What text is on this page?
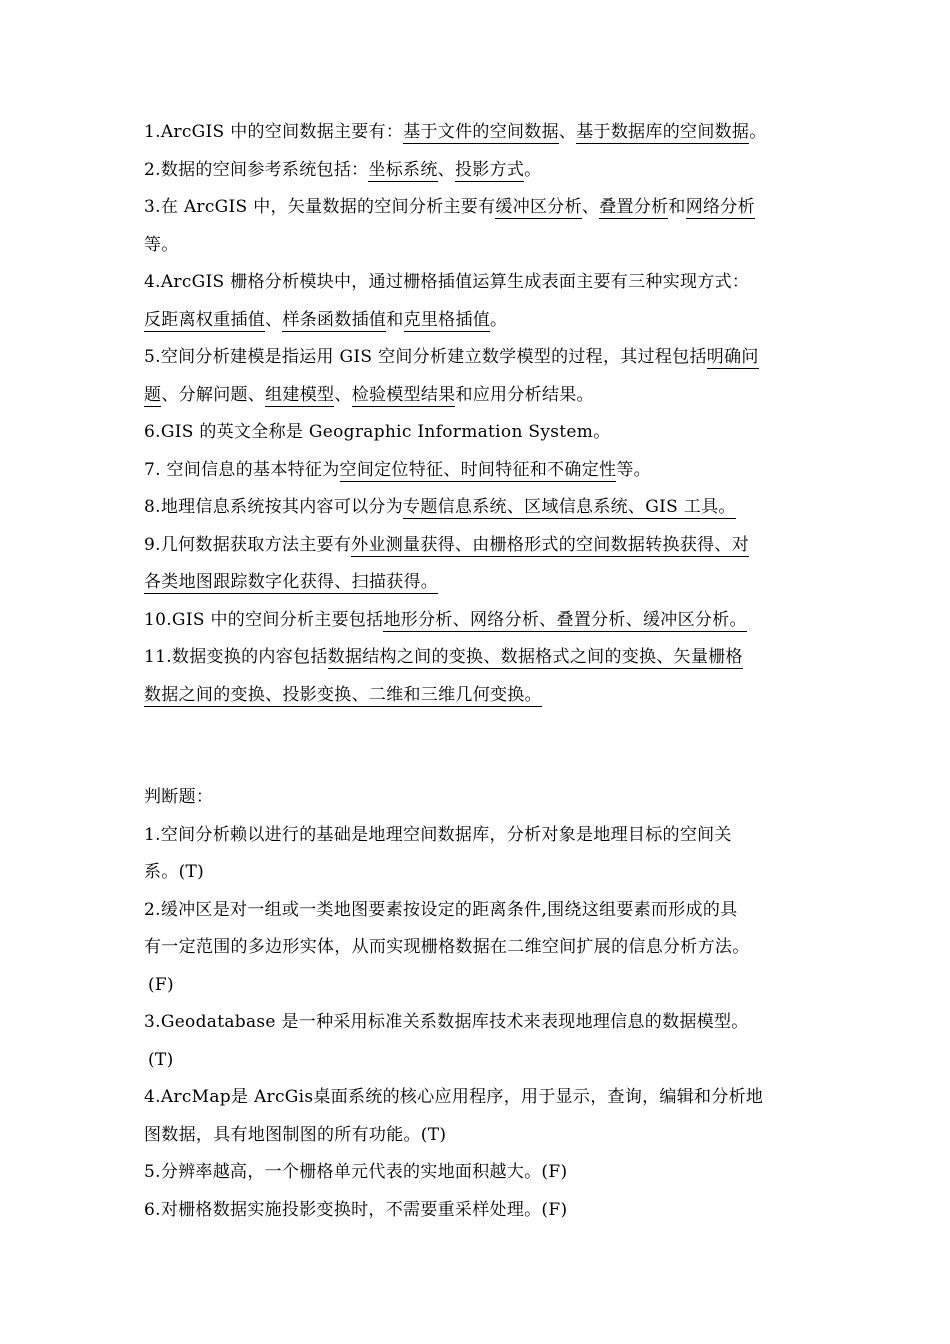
1.ArcGIS 中的空间数据主要有：基于文件的空间数据、基于数据库的空间数据。
2.数据的空间参考系统包括：坐标系统、投影方式。
3.在 ArcGIS 中，矢量数据的空间分析主要有缓冲区分析、叠置分析和网络分析
等。
4.ArcGIS 栅格分析模块中，通过栅格插值运算生成表面主要有三种实现方式：
反距离权重插值、样条函数插值和克里格插值。
5.空间分析建模是指运用 GIS 空间分析建立数学模型的过程，其过程包括明确问
题、分解问题、组建模型、检验模型结果和应用分析结果。
6.GIS 的英文全称是 Geographic Information System。
7. 空间信息的基本特征为空间定位特征、时间特征和不确定性等。
8.地理信息系统按其内容可以分为专题信息系统、区域信息系统、GIS 工具。
9.几何数据获取方法主要有外业测量获得、由栅格形式的空间数据转换获得、对
各类地图跟踪数字化获得、扫描获得。
10.GIS 中的空间分析主要包括地形分析、网络分析、叠置分析、缓冲区分析。
11.数据变换的内容包括数据结构之间的变换、数据格式之间的变换、矢量栅格
数据之间的变换、投影变换、二维和三维几何变换。
判断题：
1.空间分析赖以进行的基础是地理空间数据库，分析对象是地理目标的空间关
系。(T)
2.缓冲区是对一组或一类地图要素按设定的距离条件,围绕这组要素而形成的具
有一定范围的多边形实体，从而实现栅格数据在二维空间扩展的信息分析方法。
(F)
3.Geodatabase 是一种采用标准关系数据库技术来表现地理信息的数据模型。
(T)
4.ArcMap是 ArcGis桌面系统的核心应用程序，用于显示，查询，编辑和分析地
图数据，具有地图制图的所有功能。(T)
5.分辨率越高，一个栅格单元代表的实地面积越大。(F)
6.对栅格数据实施投影变换时，不需要重采样处理。(F)
